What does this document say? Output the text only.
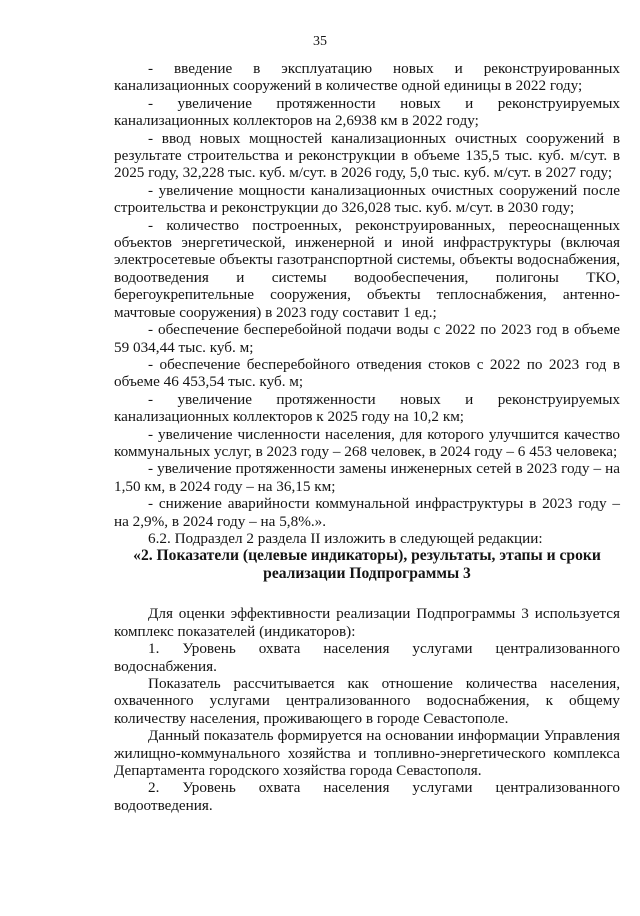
35

- введение в эксплуатацию новых и реконструированных канализационных сооружений в количестве одной единицы в 2022 году;

- увеличение протяженности новых и реконструируемых канализационных коллекторов на 2,6938 км в 2022 году;

- ввод новых мощностей канализационных очистных сооружений в результате строительства и реконструкции в объеме 135,5 тыс. куб. м/сут. в 2025 году, 32,228 тыс. куб. м/сут. в 2026 году, 5,0 тыс. куб. м/сут. в 2027 году;

- увеличение мощности канализационных очистных сооружений после строительства и реконструкции до 326,028 тыс. куб. м/сут. в 2030 году;

- количество построенных, реконструированных, переоснащенных объектов энергетической, инженерной и иной инфраструктуры (включая электросетевые объекты газотранспортной системы, объекты водоснабжения, водоотведения и системы водообеспечения, полигоны ТКО, берегоукрепительные сооружения, объекты теплоснабжения, антенно-мачтовые сооружения) в 2023 году составит 1 ед.;

- обеспечение бесперебойной подачи воды с 2022 по 2023 год в объеме 59 034,44 тыс. куб. м;

- обеспечение бесперебойного отведения стоков с 2022 по 2023 год в объеме 46 453,54 тыс. куб. м;

- увеличение протяженности новых и реконструируемых канализационных коллекторов к 2025 году на 10,2 км;

- увеличение численности населения, для которого улучшится качество коммунальных услуг, в 2023 году – 268 человек, в 2024 году – 6 453 человека;

- увеличение протяженности замены инженерных сетей в 2023 году – на 1,50 км, в 2024 году – на 36,15 км;

- снижение аварийности коммунальной инфраструктуры в 2023 году – на 2,9%, в 2024 году – на 5,8%.».

6.2. Подраздел 2 раздела II изложить в следующей редакции:

«2. Показатели (целевые индикаторы), результаты, этапы и сроки

реализации Подпрограммы 3

Для оценки эффективности реализации Подпрограммы 3 используется комплекс показателей (индикаторов):

1. Уровень охвата населения услугами централизованного водоснабжения.

Показатель рассчитывается как отношение количества населения, охваченного услугами централизованного водоснабжения, к общему количеству населения, проживающего в городе Севастополе.

Данный показатель формируется на основании информации Управления жилищно-коммунального хозяйства и топливно-энергетического комплекса Департамента городского хозяйства города Севастополя.

2. Уровень охвата населения услугами централизованного водоотведения.
